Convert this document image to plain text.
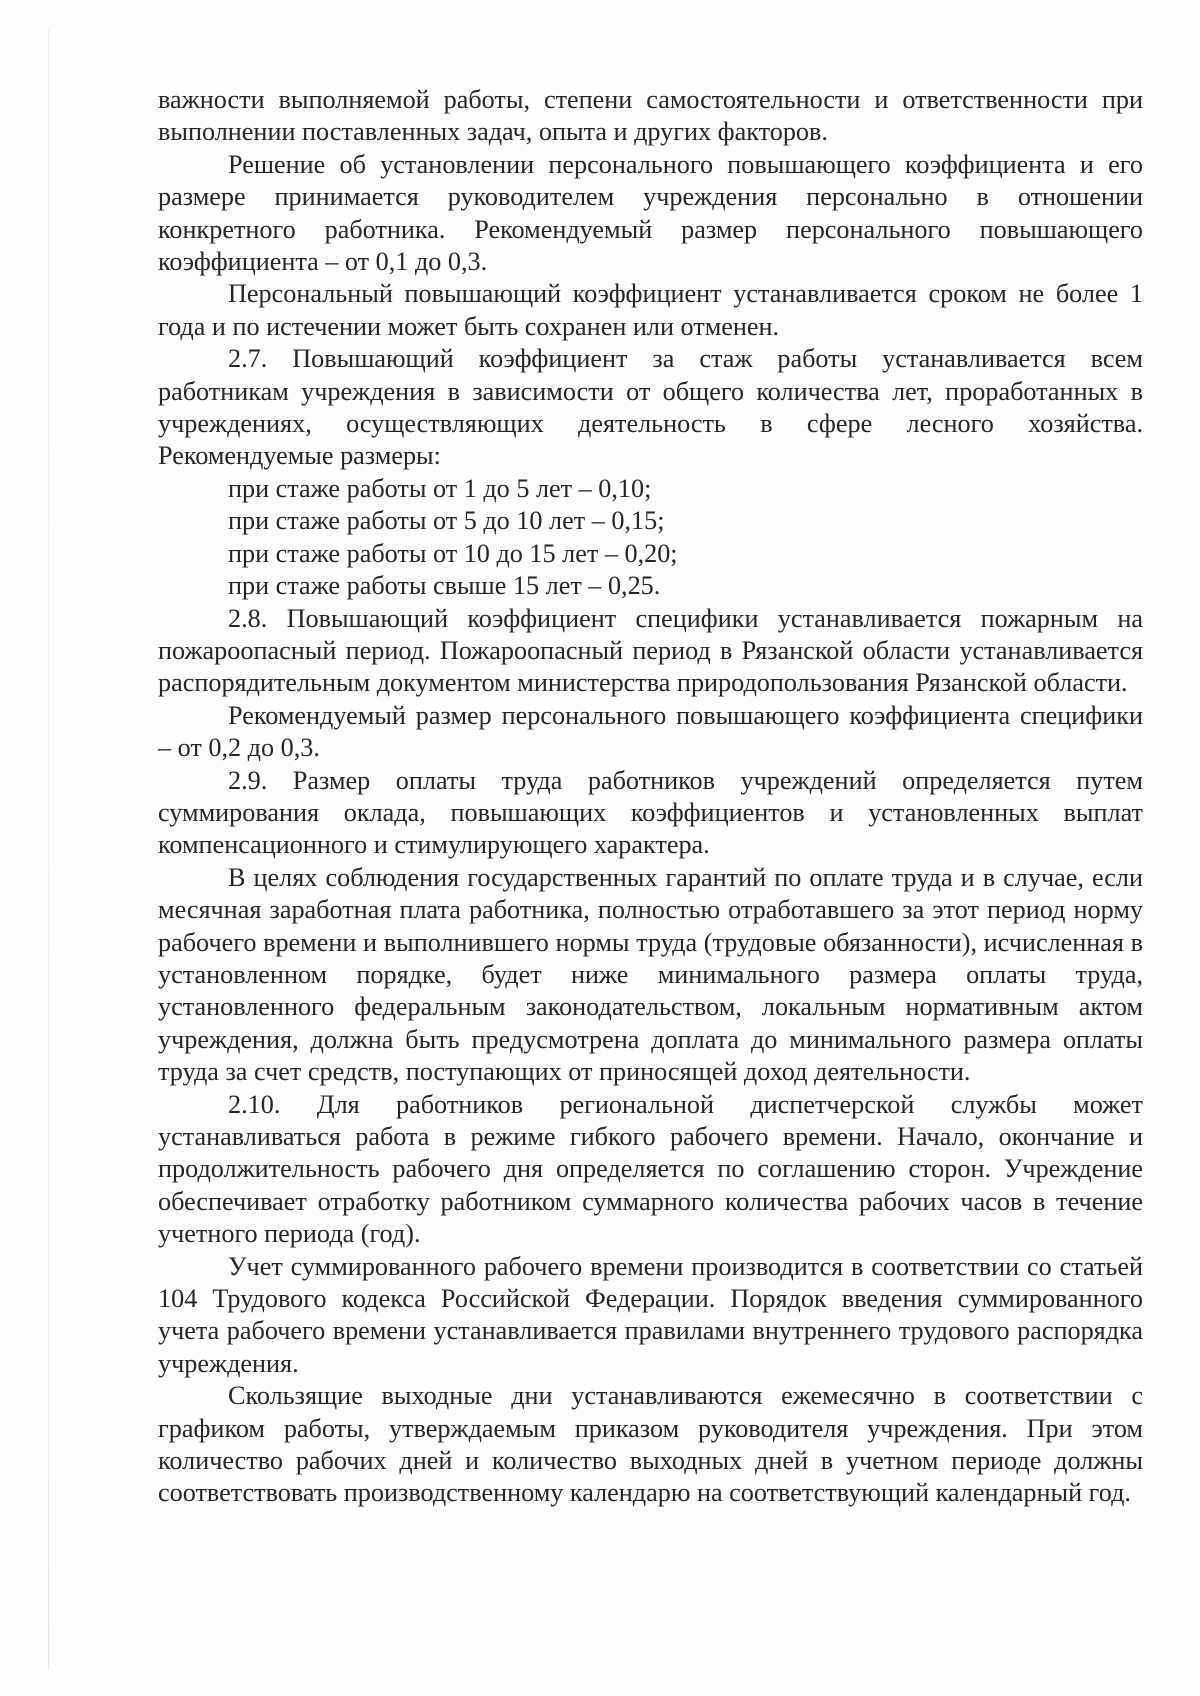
важности выполняемой работы, степени самостоятельности и ответственности при выполнении поставленных задач, опыта и других факторов.

Решение об установлении персонального повышающего коэффициента и его размере принимается руководителем учреждения персонально в отношении конкретного работника. Рекомендуемый размер персонального повышающего коэффициента – от 0,1 до 0,3.

Персональный повышающий коэффициент устанавливается сроком не более 1 года и по истечении может быть сохранен или отменен.

2.7. Повышающий коэффициент за стаж работы устанавливается всем работникам учреждения в зависимости от общего количества лет, проработанных в учреждениях, осуществляющих деятельность в сфере лесного хозяйства. Рекомендуемые размеры:

при стаже работы от 1 до 5 лет – 0,10;

при стаже работы от 5 до 10 лет – 0,15;

при стаже работы от 10 до 15 лет – 0,20;

при стаже работы свыше 15 лет – 0,25.

2.8. Повышающий коэффициент специфики устанавливается пожарным на пожароопасный период. Пожароопасный период в Рязанской области устанавливается распорядительным документом министерства природопользования Рязанской области.

Рекомендуемый размер персонального повышающего коэффициента специфики – от 0,2 до 0,3.

2.9. Размер оплаты труда работников учреждений определяется путем суммирования оклада, повышающих коэффициентов и установленных выплат компенсационного и стимулирующего характера.

В целях соблюдения государственных гарантий по оплате труда и в случае, если месячная заработная плата работника, полностью отработавшего за этот период норму рабочего времени и выполнившего нормы труда (трудовые обязанности), исчисленная в установленном порядке, будет ниже минимального размера оплаты труда, установленного федеральным законодательством, локальным нормативным актом учреждения, должна быть предусмотрена доплата до минимального размера оплаты труда за счет средств, поступающих от приносящей доход деятельности.

2.10. Для работников региональной диспетчерской службы может устанавливаться работа в режиме гибкого рабочего времени. Начало, окончание и продолжительность рабочего дня определяется по соглашению сторон. Учреждение обеспечивает отработку работником суммарного количества рабочих часов в течение учетного периода (год).

Учет суммированного рабочего времени производится в соответствии со статьей 104 Трудового кодекса Российской Федерации. Порядок введения суммированного учета рабочего времени устанавливается правилами внутреннего трудового распорядка учреждения.

Скользящие выходные дни устанавливаются ежемесячно в соответствии с графиком работы, утверждаемым приказом руководителя учреждения. При этом количество рабочих дней и количество выходных дней в учетном периоде должны соответствовать производственному календарю на соответствующий календарный год.
